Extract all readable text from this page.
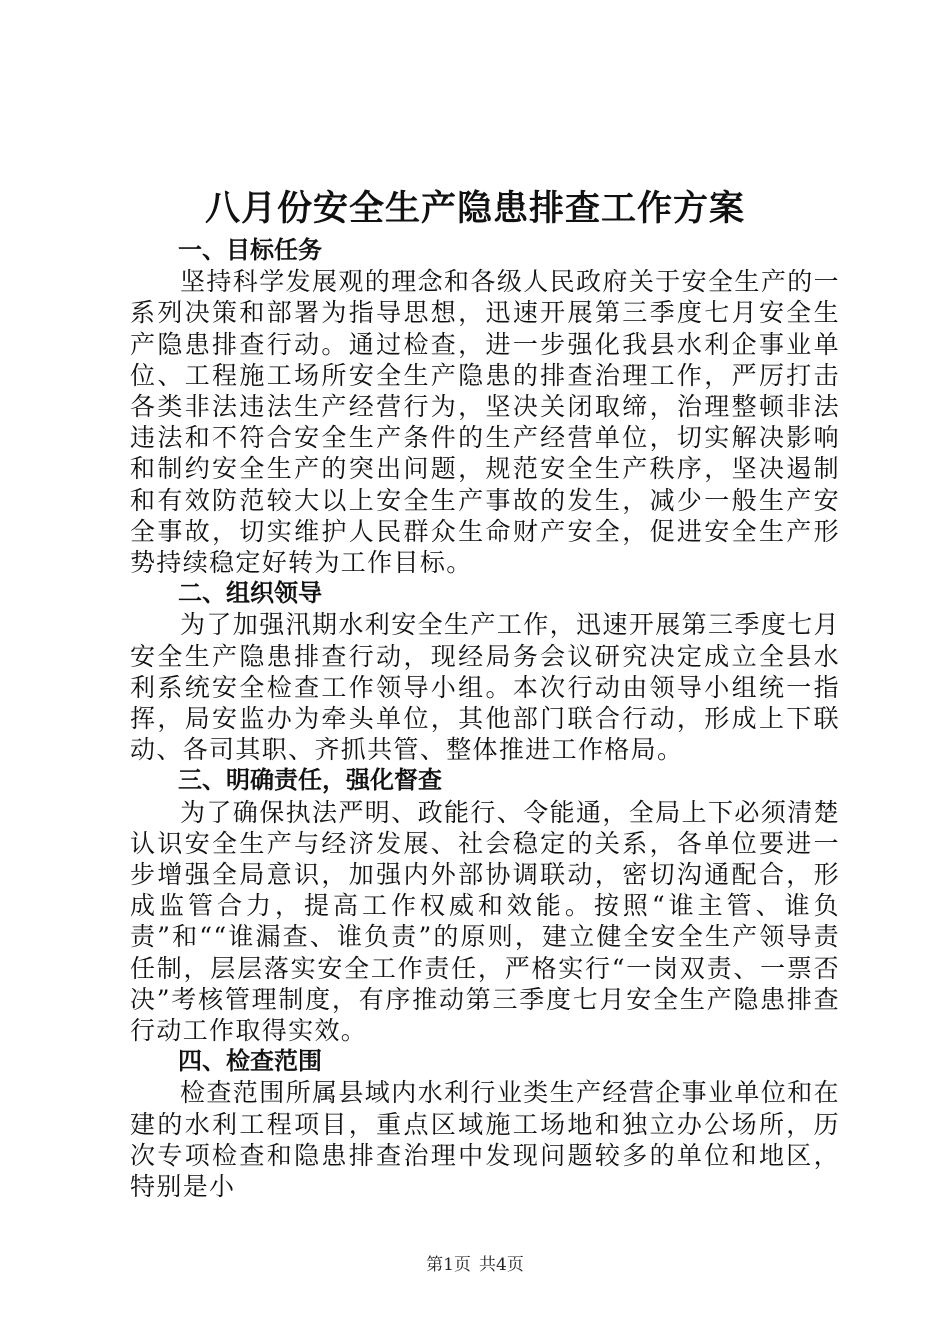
八月份安全生产隐患排查工作方案

一、目标任务

坚持科学发展观的理念和各级人民政府关于安全生产的一系列决策和部署为指导思想，迅速开展第三季度七月安全生产隐患排查行动。通过检查，进一步强化我县水利企事业单位、工程施工场所安全生产隐患的排查治理工作，严厉打击各类非法违法生产经营行为，坚决关闭取缔，治理整顿非法违法和不符合安全生产条件的生产经营单位，切实解决影响和制约安全生产的突出问题，规范安全生产秩序，坚决遏制和有效防范较大以上安全生产事故的发生，减少一般生产安全事故，切实维护人民群众生命财产安全，促进安全生产形势持续稳定好转为工作目标。

二、组织领导

为了加强汛期水利安全生产工作，迅速开展第三季度七月安全生产隐患排查行动，现经局务会议研究决定成立全县水利系统安全检查工作领导小组。本次行动由领导小组统一指挥，局安监办为牵头单位，其他部门联合行动，形成上下联动、各司其职、齐抓共管、整体推进工作格局。

三、明确责任，强化督查

为了确保执法严明、政能行、令能通，全局上下必须清楚认识安全生产与经济发展、社会稳定的关系，各单位要进一步增强全局意识，加强内外部协调联动，密切沟通配合，形成监管合力，提高工作权威和效能。按照“谁主管、谁负责”和““谁漏查、谁负责”的原则，建立健全安全生产领导责任制，层层落实安全工作责任，严格实行“一岗双责、一票否决”考核管理制度，有序推动第三季度七月安全生产隐患排查行动工作取得实效。

四、检查范围

检查范围所属县域内水利行业类生产经营企事业单位和在建的水利工程项目，重点区域施工场地和独立办公场所，历次专项检查和隐患排查治理中发现问题较多的单位和地区，特别是小

第1页 共4页
